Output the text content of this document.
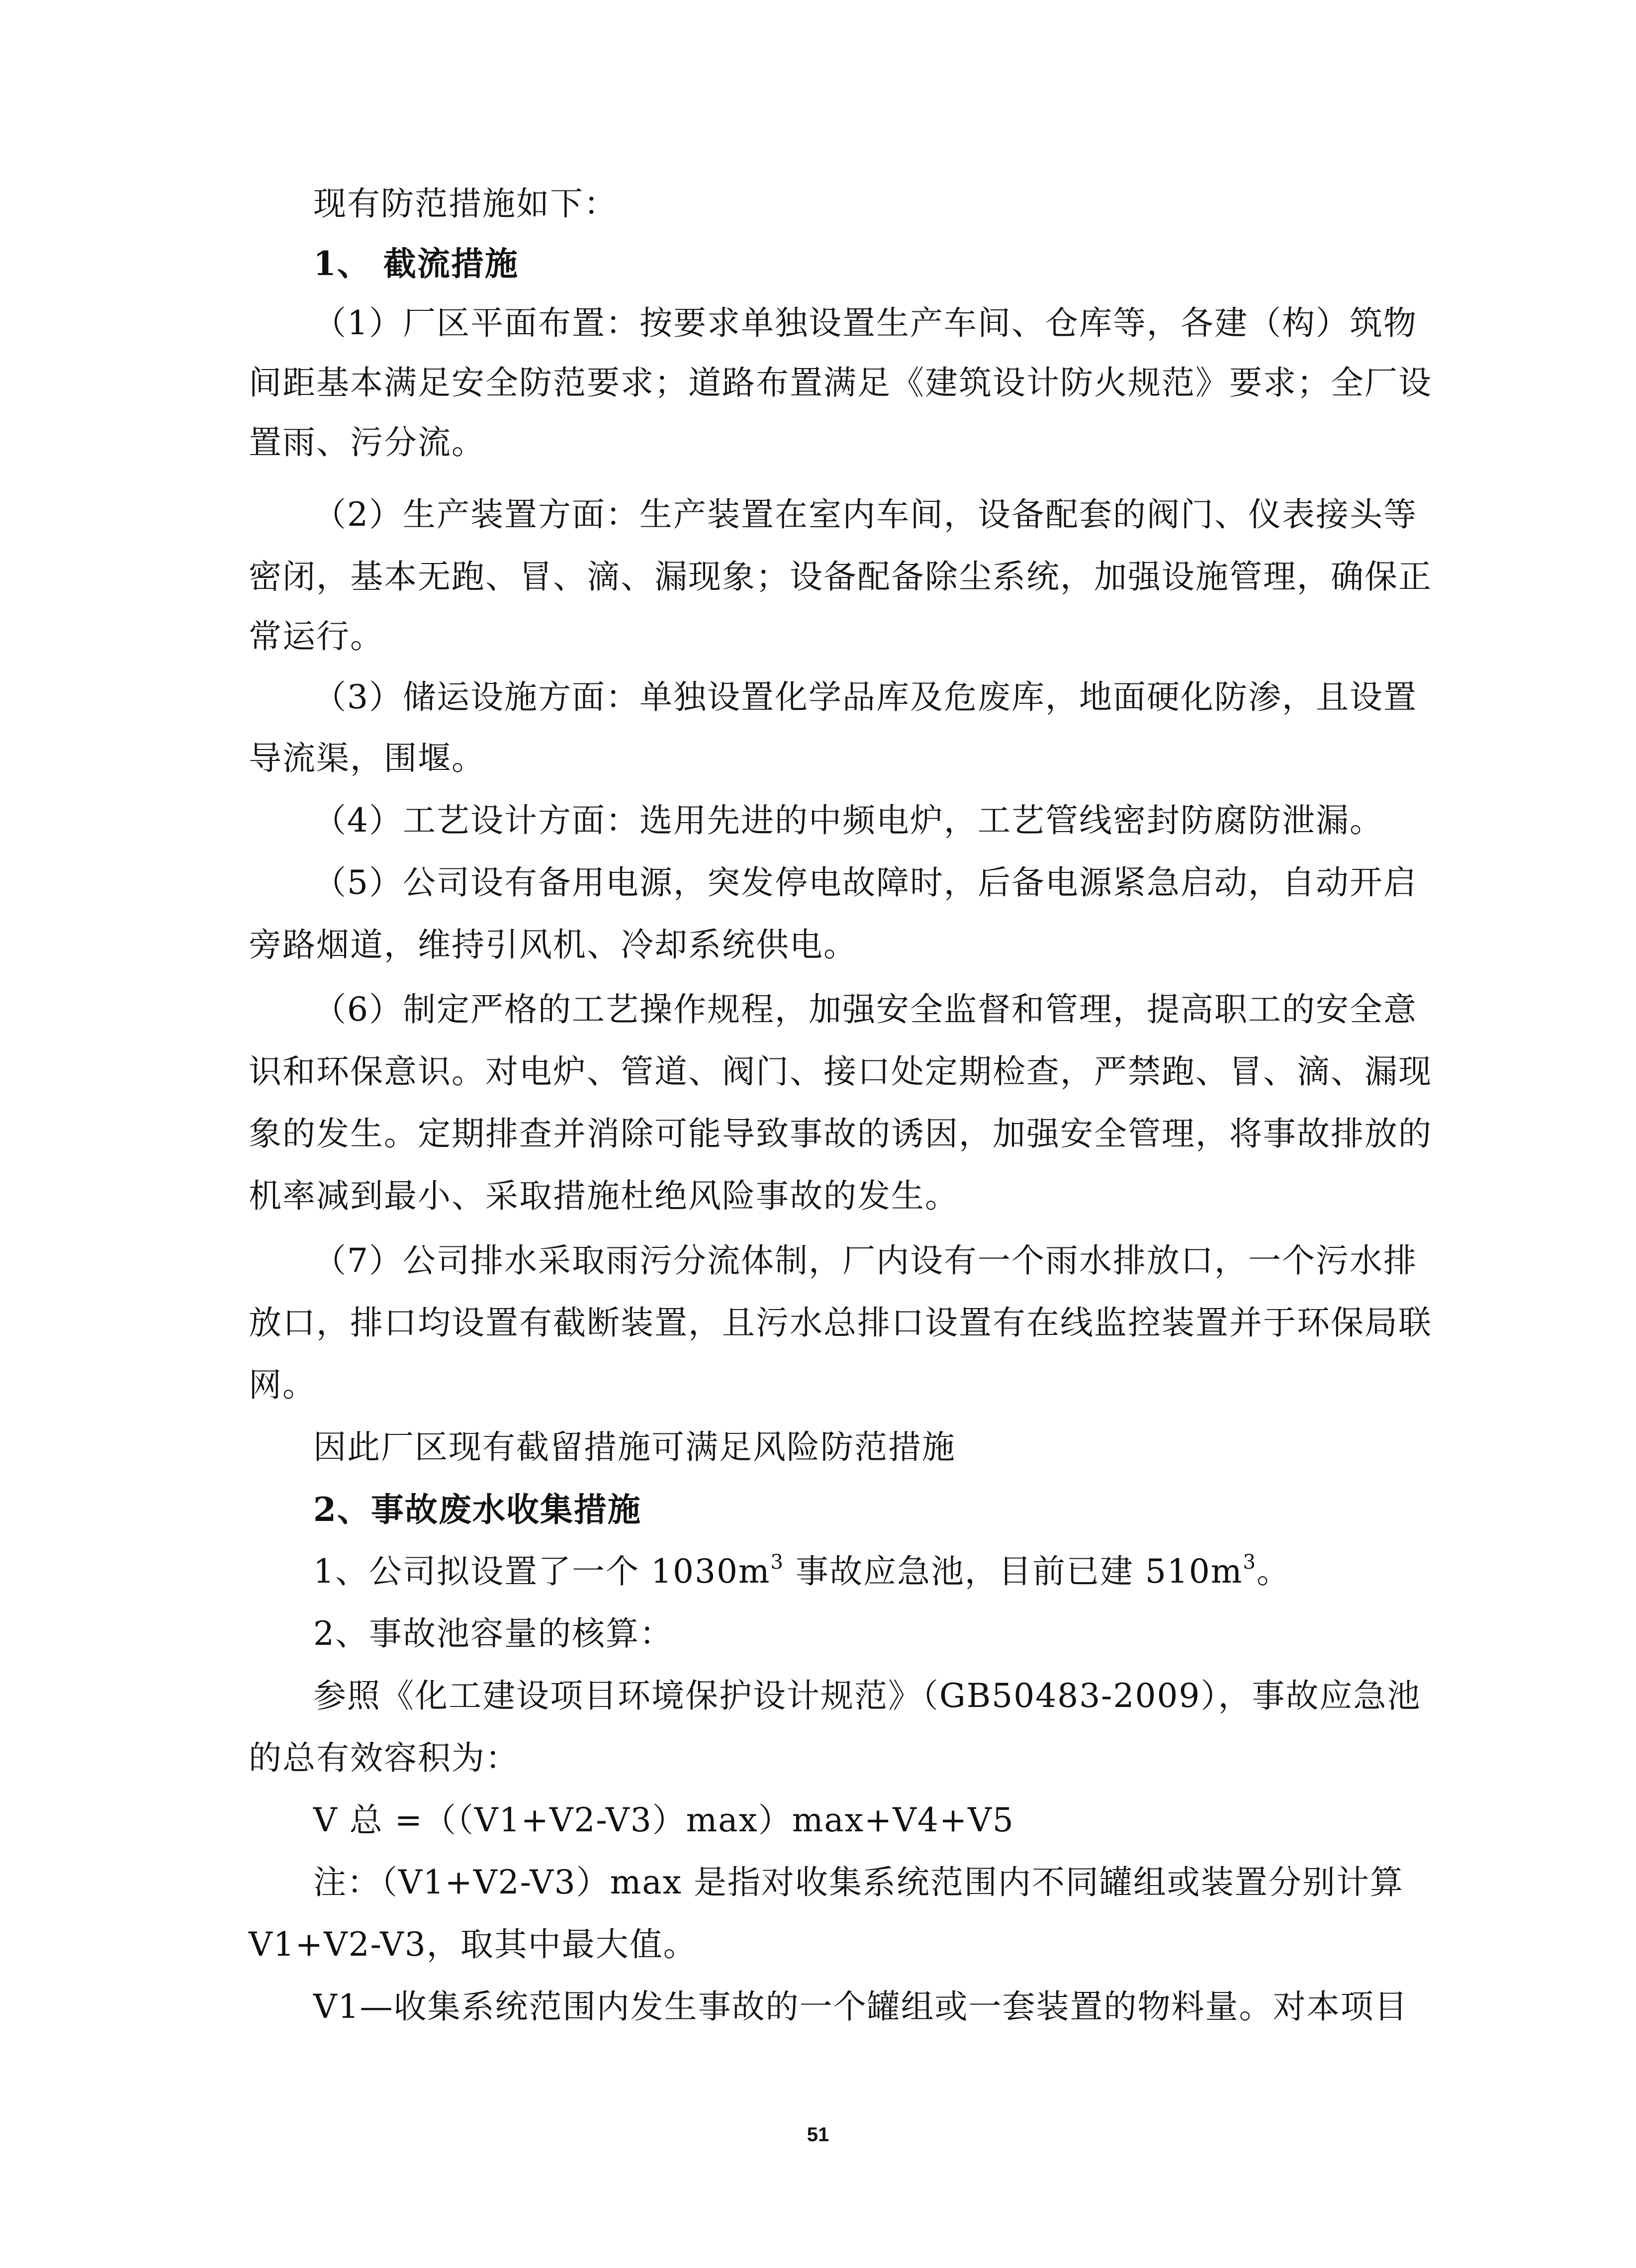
现有防范措施如下：
1、 截流措施
（1）厂区平面布置：按要求单独设置生产车间、仓库等，各建（构）筑物
间距基本满足安全防范要求；道路布置满足《建筑设计防火规范》要求；全厂设
置雨、污分流。
（2）生产装置方面：生产装置在室内车间，设备配套的阀门、仪表接头等
密闭，基本无跑、冒、滴、漏现象；设备配备除尘系统，加强设施管理，确保正
常运行。
（3）储运设施方面：单独设置化学品库及危废库，地面硬化防渗，且设置
导流渠，围堰。
（4）工艺设计方面：选用先进的中频电炉，工艺管线密封防腐防泄漏。
（5）公司设有备用电源，突发停电故障时，后备电源紧急启动，自动开启
旁路烟道，维持引风机、冷却系统供电。
（6）制定严格的工艺操作规程，加强安全监督和管理，提高职工的安全意
识和环保意识。对电炉、管道、阀门、接口处定期检查，严禁跑、冒、滴、漏现
象的发生。定期排查并消除可能导致事故的诱因，加强安全管理，将事故排放的
机率减到最小、采取措施杜绝风险事故的发生。
（7）公司排水采取雨污分流体制，厂内设有一个雨水排放口，一个污水排
放口，排口均设置有截断装置，且污水总排口设置有在线监控装置并于环保局联
网。
因此厂区现有截留措施可满足风险防范措施
2、事故废水收集措施
1、公司拟设置了一个 $1030m^3$ 事故应急池，目前已建 $510m^3$。
2、事故池容量的核算：
参照《化工建设项目环境保护设计规范》（GB50483-2009），事故应急池
的总有效容积为：
V 总 =（（V1+V2-V3）max）max+V4+V5
注：（V1+V2-V3）max 是指对收集系统范围内不同罐组或装置分别计算
V1+V2-V3，取其中最大值。
V1—收集系统范围内发生事故的一个罐组或一套装置的物料量。对本项目
51
